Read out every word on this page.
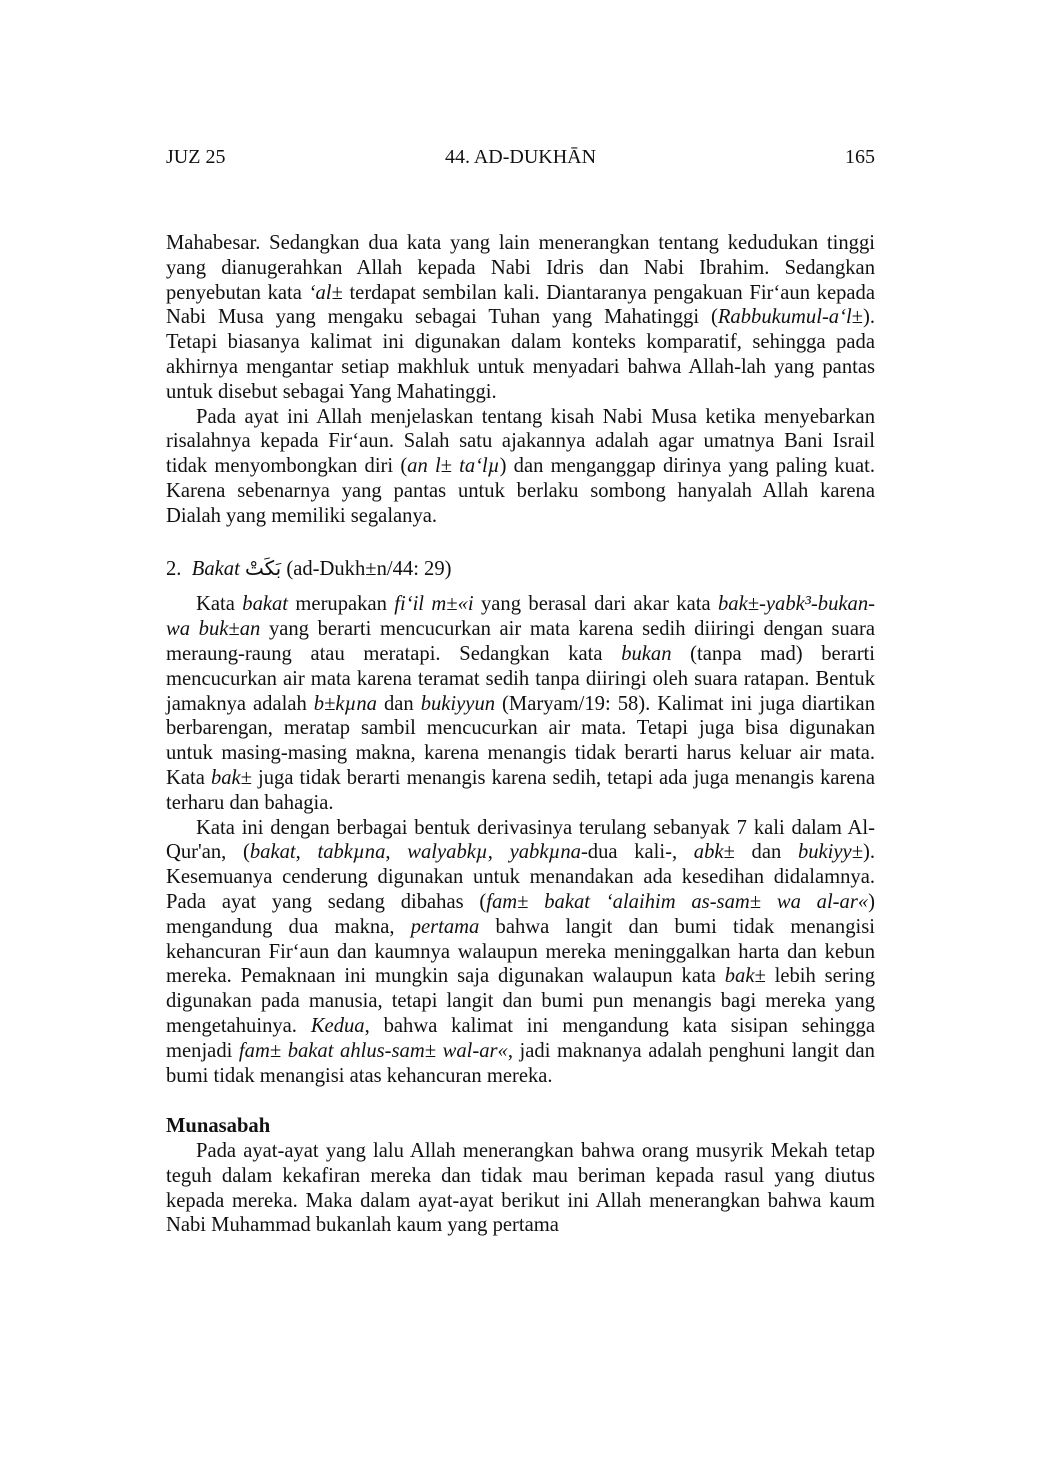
JUZ 25	44. AD-DUKHĀN	165

Mahabesar. Sedangkan dua kata yang lain menerangkan tentang kedudukan tinggi yang dianugerahkan Allah kepada Nabi Idris dan Nabi Ibrahim. Sedangkan penyebutan kata ‘al± terdapat sembilan kali. Diantaranya pengakuan Fir‘aun kepada Nabi Musa yang mengaku sebagai Tuhan yang Mahatinggi (Rabbukumul-a‘l±). Tetapi biasanya kalimat ini digunakan dalam konteks komparatif, sehingga pada akhirnya mengantar setiap makhluk untuk menyadari bahwa Allah-lah yang pantas untuk disebut sebagai Yang Mahatinggi.

Pada ayat ini Allah menjelaskan tentang kisah Nabi Musa ketika menyebarkan risalahnya kepada Fir‘aun. Salah satu ajakannya adalah agar umatnya Bani Israil tidak menyombongkan diri (an l± ta‘lµ) dan menganggap dirinya yang paling kuat. Karena sebenarnya yang pantas untuk berlaku sombong hanyalah Allah karena Dialah yang memiliki segalanya.

2. Bakat بَكَتْ (ad-Dukh±n/44: 29)

Kata bakat merupakan fi‘il m±«i yang berasal dari akar kata bak±-yabk³-bukan-wa buk±an yang berarti mencucurkan air mata karena sedih diiringi dengan suara meraung-raung atau meratapi. Sedangkan kata bukan (tanpa mad) berarti mencucurkan air mata karena teramat sedih tanpa diiringi oleh suara ratapan. Bentuk jamaknya adalah b±kµna dan bukiyyun (Maryam/19: 58). Kalimat ini juga diartikan berbarengan, meratap sambil mencucurkan air mata. Tetapi juga bisa digunakan untuk masing-masing makna, karena menangis tidak berarti harus keluar air mata. Kata bak± juga tidak berarti menangis karena sedih, tetapi ada juga menangis karena terharu dan bahagia.

Kata ini dengan berbagai bentuk derivasinya terulang sebanyak 7 kali dalam Al-Qur'an, (bakat, tabkµna, walyabkµ, yabkµna-dua kali-, abk± dan bukiyy±). Kesemuanya cenderung digunakan untuk menandakan ada kesedihan didalamnya. Pada ayat yang sedang dibahas (fam± bakat ‘alaihim as-sam± wa al-ar«) mengandung dua makna, pertama bahwa langit dan bumi tidak menangisi kehancuran Fir‘aun dan kaumnya walaupun mereka meninggalkan harta dan kebun mereka. Pemaknaan ini mungkin saja digunakan walaupun kata bak± lebih sering digunakan pada manusia, tetapi langit dan bumi pun menangis bagi mereka yang mengetahuinya. Kedua, bahwa kalimat ini mengandung kata sisipan sehingga menjadi fam± bakat ahlus-sam± wal-ar«, jadi maknanya adalah penghuni langit dan bumi tidak menangisi atas kehancuran mereka.

Munasabah

Pada ayat-ayat yang lalu Allah menerangkan bahwa orang musyrik Mekah tetap teguh dalam kekafiran mereka dan tidak mau beriman kepada rasul yang diutus kepada mereka. Maka dalam ayat-ayat berikut ini Allah menerangkan bahwa kaum Nabi Muhammad bukanlah kaum yang pertama
